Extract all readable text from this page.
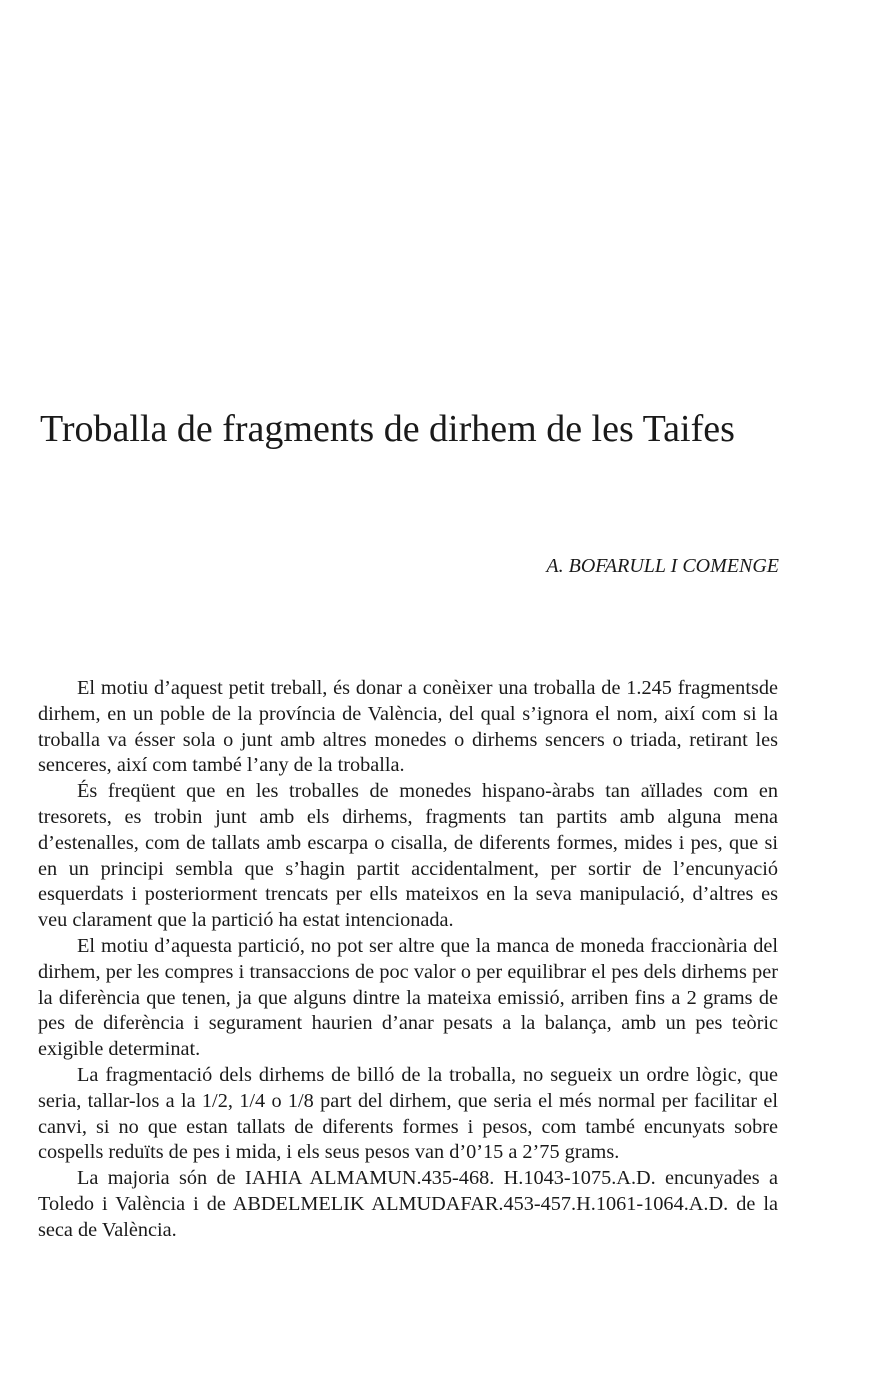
Troballa de fragments de dirhem de les Taifes

A. BOFARULL I COMENGE

El motiu d’aquest petit treball, és donar a conèixer una troballa de 1.245 fragmentsde dirhem, en un poble de la província de València, del qual s’ignora el nom, així com si la troballa va ésser sola o junt amb altres monedes o dirhems sencers o triada, retirant les senceres, així com també l’any de la troballa.

És freqüent que en les troballes de monedes hispano-àrabs tan aïllades com en tresorets, es trobin junt amb els dirhems, fragments tan partits amb alguna mena d’estenalles, com de tallats amb escarpa o cisalla, de diferents formes, mides i pes, que si en un principi sembla que s’hagin partit accidentalment, per sortir de l’encunyació esquerdats i posteriorment trencats per ells mateixos en la seva manipulació, d’altres es veu clarament que la partició ha estat intencionada.

El motiu d’aquesta partició, no pot ser altre que la manca de moneda fraccionària del dirhem, per les compres i transaccions de poc valor o per equilibrar el pes dels dirhems per la diferència que tenen, ja que alguns dintre la mateixa emissió, arriben fins a 2 grams de pes de diferència i segurament haurien d’anar pesats a la balança, amb un pes teòric exigible determinat.

La fragmentació dels dirhems de billó de la troballa, no segueix un ordre lògic, que seria, tallar-los a la 1/2, 1/4 o 1/8 part del dirhem, que seria el més normal per facilitar el canvi, si no que estan tallats de diferents formes i pesos, com també encunyats sobre cospells reduïts de pes i mida, i els seus pesos van d’0’15 a 2’75 grams.

La majoria són de IAHIA ALMAMUN.435-468. H.1043-1075.A.D. encunyades a Toledo i València i de ABDELMELIK ALMUDAFAR.453-457.H.1061-1064.A.D. de la seca de València.
